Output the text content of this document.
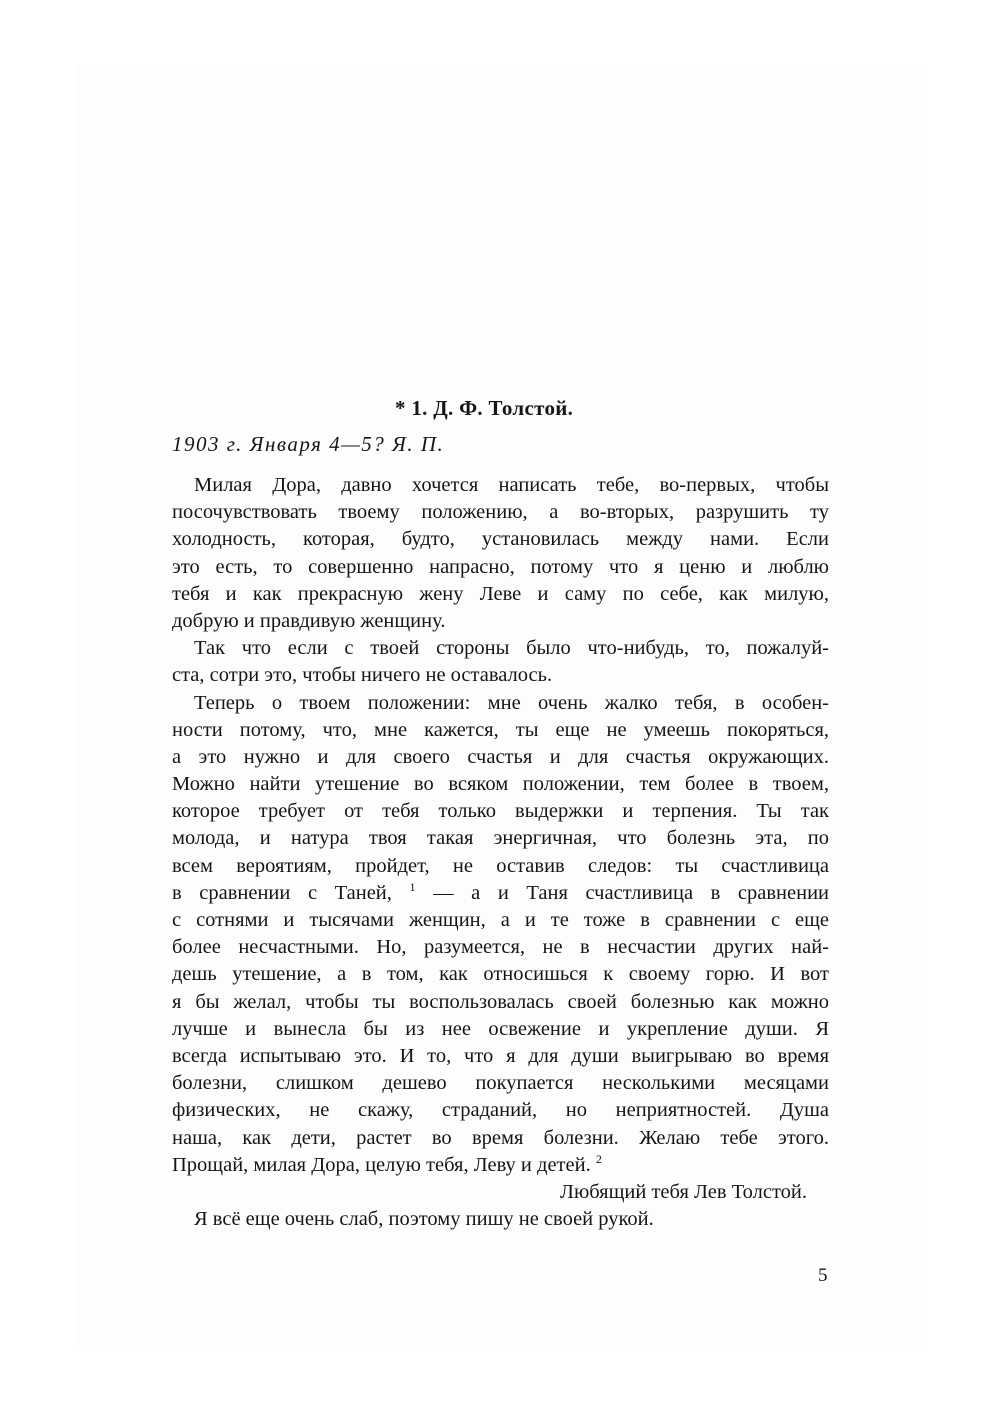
* 1. Д. Ф. Толстой.
1903 г. Января 4—5? Я. П.
Милая Дора, давно хочется написать тебе, во-первых, чтобы
посочувствовать твоему положению, а во-вторых, разрушить ту
холодность, которая, будто, установилась между нами. Если
это есть, то совершенно напрасно, потому что я ценю и люблю
тебя и как прекрасную жену Леве и саму по себе, как милую,
добрую и правдивую женщину.
Так что если с твоей стороны было что-нибудь, то, пожалуй-
ста, сотри это, чтобы ничего не оставалось.
Теперь о твоем положении: мне очень жалко тебя, в особен-
ности потому, что, мне кажется, ты еще не умеешь покоряться,
а это нужно и для своего счастья и для счастья окружающих.
Можно найти утешение во всяком положении, тем более в твоем,
которое требует от тебя только выдержки и терпения. Ты так
молода, и натура твоя такая энергичная, что болезнь эта, по
всем вероятиям, пройдет, не оставив следов: ты счастливица
в сравнении с Таней, $^1$ — а и Таня счастливица в сравнении
с сотнями и тысячами женщин, а и те тоже в сравнении с еще
более несчастными. Но, разумеется, не в несчастии других най-
дешь утешение, а в том, как относишься к своему горю. И вот
я бы желал, чтобы ты воспользовалась своей болезнью как можно
лучше и вынесла бы из нее освежение и укрепление души. Я
всегда испытываю это. И то, что я для души выигрываю во время
болезни, слишком дешево покупается несколькими месяцами
физических, не скажу, страданий, но неприятностей. Душа
наша, как дети, растет во время болезни. Желаю тебе этого.
Прощай, милая Дора, целую тебя, Леву и детей. $^2$
Любящий тебя Лев Толстой.
Я всё еще очень слаб, поэтому пишу не своей рукой.
5
